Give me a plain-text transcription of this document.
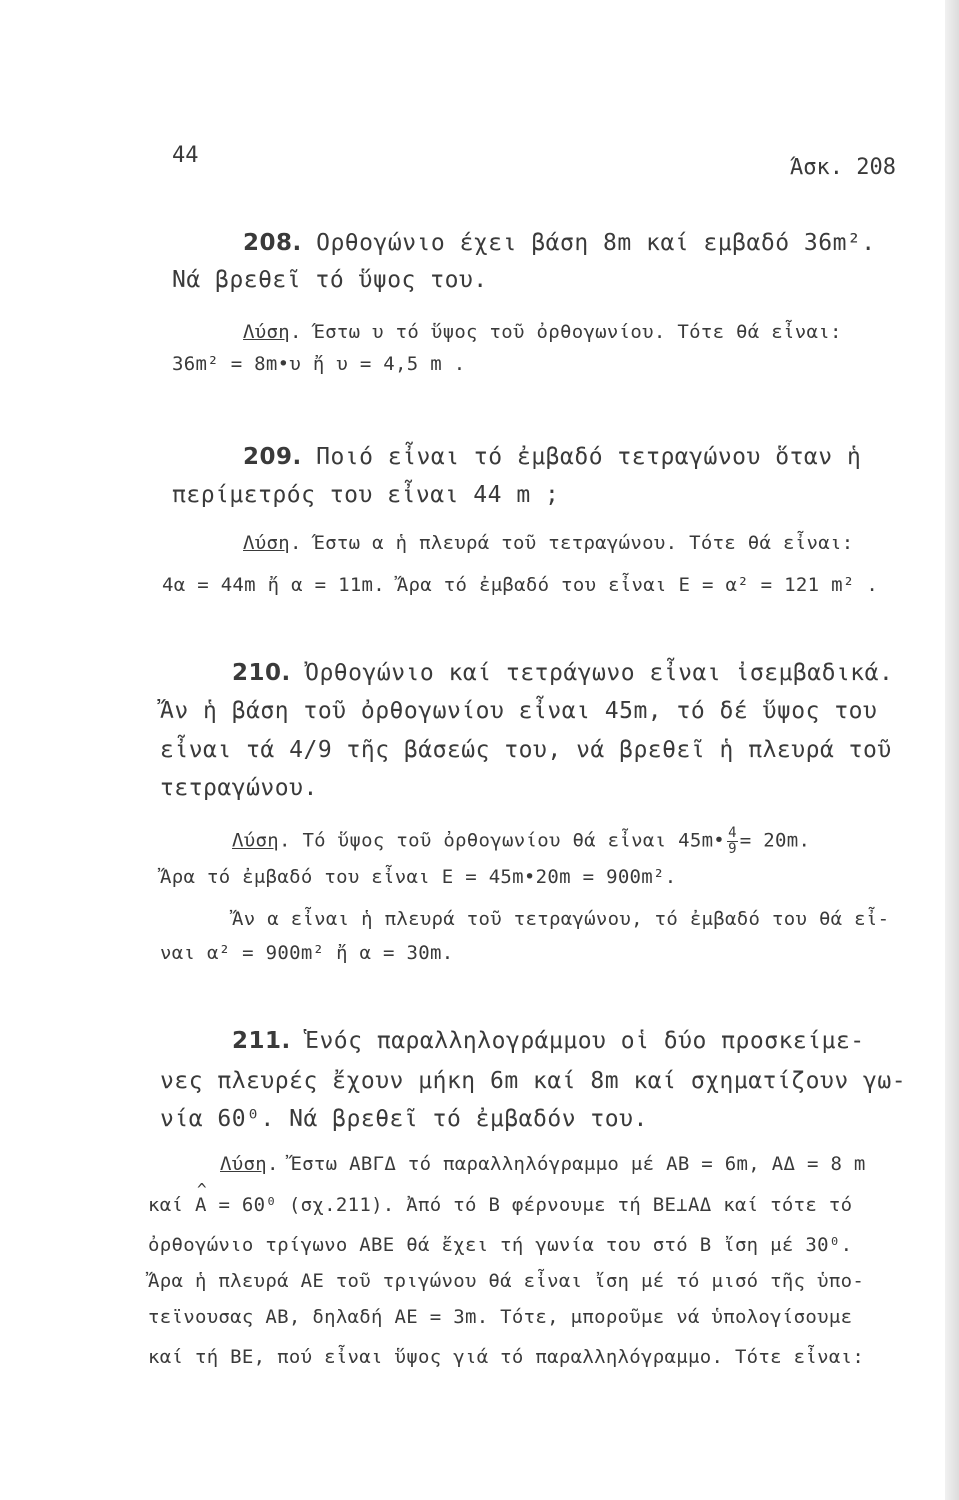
44	Άσκ. 208
208. Ορθογώνιο έχει βάση 8m καί εμβαδό 36m².
Νά βρεθεῖ τό ὕψος του.
Λύση. Έστω υ τό ὕψος τοῦ ὀρθογωνίου. Τότε θά εἶναι:
36m² = 8m•υ ἤ υ = 4,5 m .
209. Ποιό εἶναι τό ἐμβαδό τετραγώνου ὅταν ἡ
περίμετρός του εἶναι 44 m ;
Λύση. Έστω α ἡ πλευρά τοῦ τετραγώνου. Τότε θά εἶναι:
4α = 44m ἤ α = 11m. Ἄρα τό ἐμβαδό του εἶναι Ε = α² = 121 m² .
210. Ὀρθογώνιο καί τετράγωνο εἶναι ἰσεμβαδικά.
Ἄν ἡ βάση τοῦ ὀρθογωνίου εἶναι 45m, τό δέ ὕψος του
εἶναι τά 4/9 τῆς βάσεώς του, νά βρεθεῖ ἡ πλευρά τοῦ
τετραγώνου.
Λύση. Τό ὕψος τοῦ ὀρθογωνίου θά εἶναι 45m• $\frac{4}{9} = 20m$.
Ἄρα τό ἐμβαδό του εἶναι Ε = 45m•20m = 900m².
Ἄν α εἶναι ἡ πλευρά τοῦ τετραγώνου, τό ἐμβαδό του θά εἶ-
ναι α² = 900m² ἤ α = 30m.
211. Ἑνός παραλληλογράμμου οἱ δύο προσκείμε-
νες πλευρές ἔχουν μήκη 6m καί 8m καί σχηματίζουν γω-
νία 60⁰. Νά βρεθεῖ τό ἐμβαδόν του.
Λύση. Ἔστω ΑΒΓΔ τό παραλληλόγραμμο μέ ΑΒ = 6m, ΑΔ = 8 m
καί ^ Α = 60⁰ (σχ.211). Ἀπό τό Β φέρνουμε τή ΒΕ⊥ΑΔ καί τότε τό
ὀρθογώνιο τρίγωνο ΑΒΕ θά ἔχει τή γωνία του στό Β ἴση μέ 30⁰.
Ἄρα ἡ πλευρά ΑΕ τοῦ τριγώνου θά εἶναι ἴση μέ τό μισό τῆς ὑπο-
τεϊνουσας ΑΒ, δηλαδή ΑΕ = 3m. Τότε, μποροῦμε νά ὑπολογίσουμε
καί τή ΒΕ, πού εἶναι ὕψος γιά τό παραλληλόγραμμο. Τότε εἶναι:
